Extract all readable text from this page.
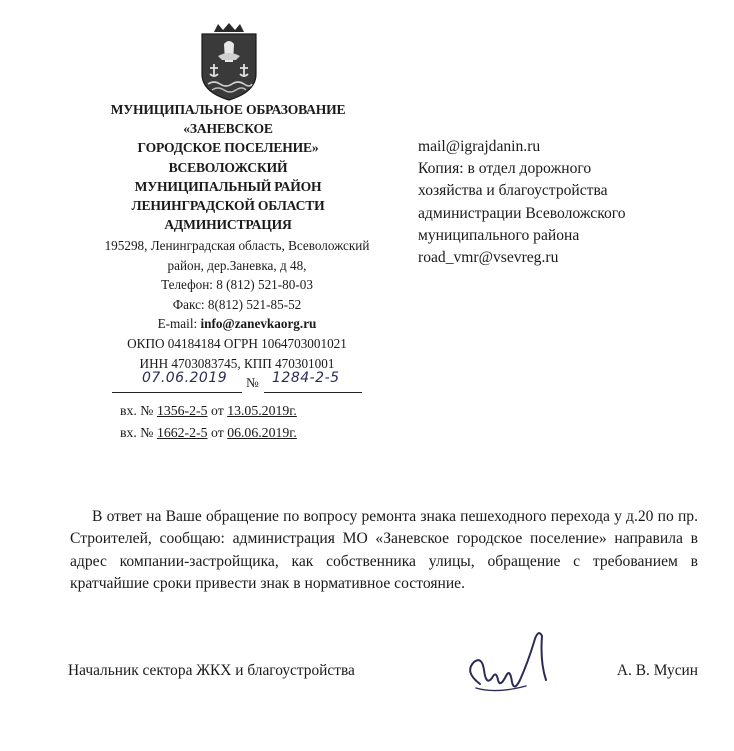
МУНИЦИПАЛЬНОЕ ОБРАЗОВАНИЕ
«ЗАНЕВСКОЕ
ГОРОДСКОЕ ПОСЕЛЕНИЕ»
ВСЕВОЛОЖСКИЙ
МУНИЦИПАЛЬНЫЙ РАЙОН
ЛЕНИНГРАДСКОЙ ОБЛАСТИ
АДМИНИСТРАЦИЯ
195298, Ленинградская область, Всеволожский
район, дер.Заневка, д 48,
Телефон: 8 (812) 521-80-03
Факс: 8(812) 521-85-52
E-mail: info@zanevkaorg.ru
ОКПО 04184184 ОГРН 1064703001021
ИНН 4703083745, КПП 470301001
07.06.2019 № 1284-2-5
вх. № 1356-2-5 от 13.05.2019г.
вх. № 1662-2-5 от 06.06.2019г.
mail@igrajdanin.ru
Копия: в отдел дорожного
хозяйства и благоустройства
администрации Всеволожского
муниципального района
road_vmr@vsevreg.ru
В ответ на Ваше обращение по вопросу ремонта знака пешеходного перехода у д.20 по пр. Строителей, сообщаю: администрация МО «Заневское городское поселение» направила в адрес компании-застройщика, как собственника улицы, обращение с требованием в кратчайшие сроки привести знак в нормативное состояние.
Начальник сектора ЖКХ и благоустройства	А. В. Мусин
